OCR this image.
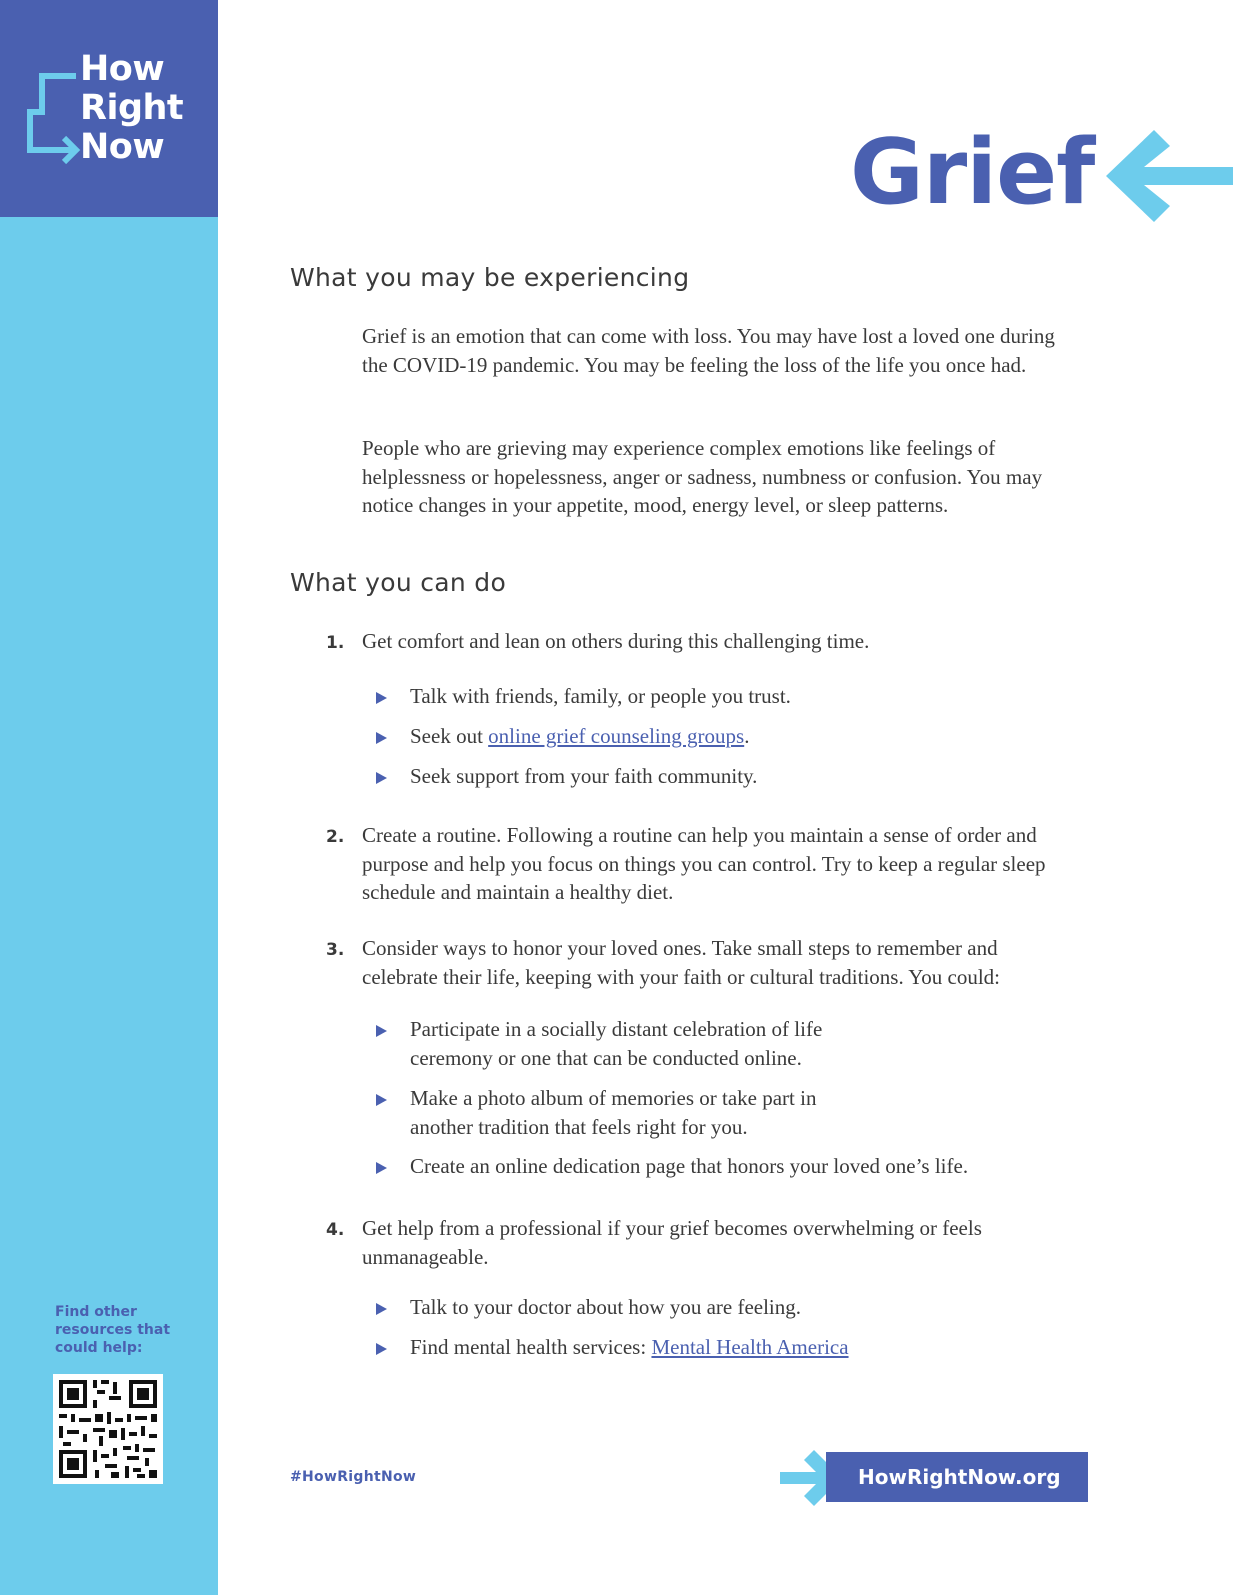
How
Right
Now
Find other resources that could help:
Grief
What you may be experiencing

Grief is an emotion that can come with loss. You may have lost a loved one during the COVID-19 pandemic. You may be feeling the loss of the life you once had.

People who are grieving may experience complex emotions like feelings of helplessness or hopelessness, anger or sadness, numbness or confusion. You may notice changes in your appetite, mood, energy level, or sleep patterns.

What you can do
1. Get comfort and lean on others during this challenging time.

Talk with friends, family, or people you trust.

Seek out online grief counseling groups.

Seek support from your faith community.

2. Create a routine. Following a routine can help you maintain a sense of order and purpose and help you focus on things you can control. Try to keep a regular sleep schedule and maintain a healthy diet.

3. Consider ways to honor your loved ones. Take small steps to remember and celebrate their life, keeping with your faith or cultural traditions. You could:

Participate in a socially distant celebration of life ceremony or one that can be conducted online.

Make a photo album of memories or take part in another tradition that feels right for you.

Create an online dedication page that honors your loved one’s life.

4. Get help from a professional if your grief becomes overwhelming or feels unmanageable.

Talk to your doctor about how you are feeling.

Find mental health services: Mental Health America

#HowRightNow	HowRightNow.org
